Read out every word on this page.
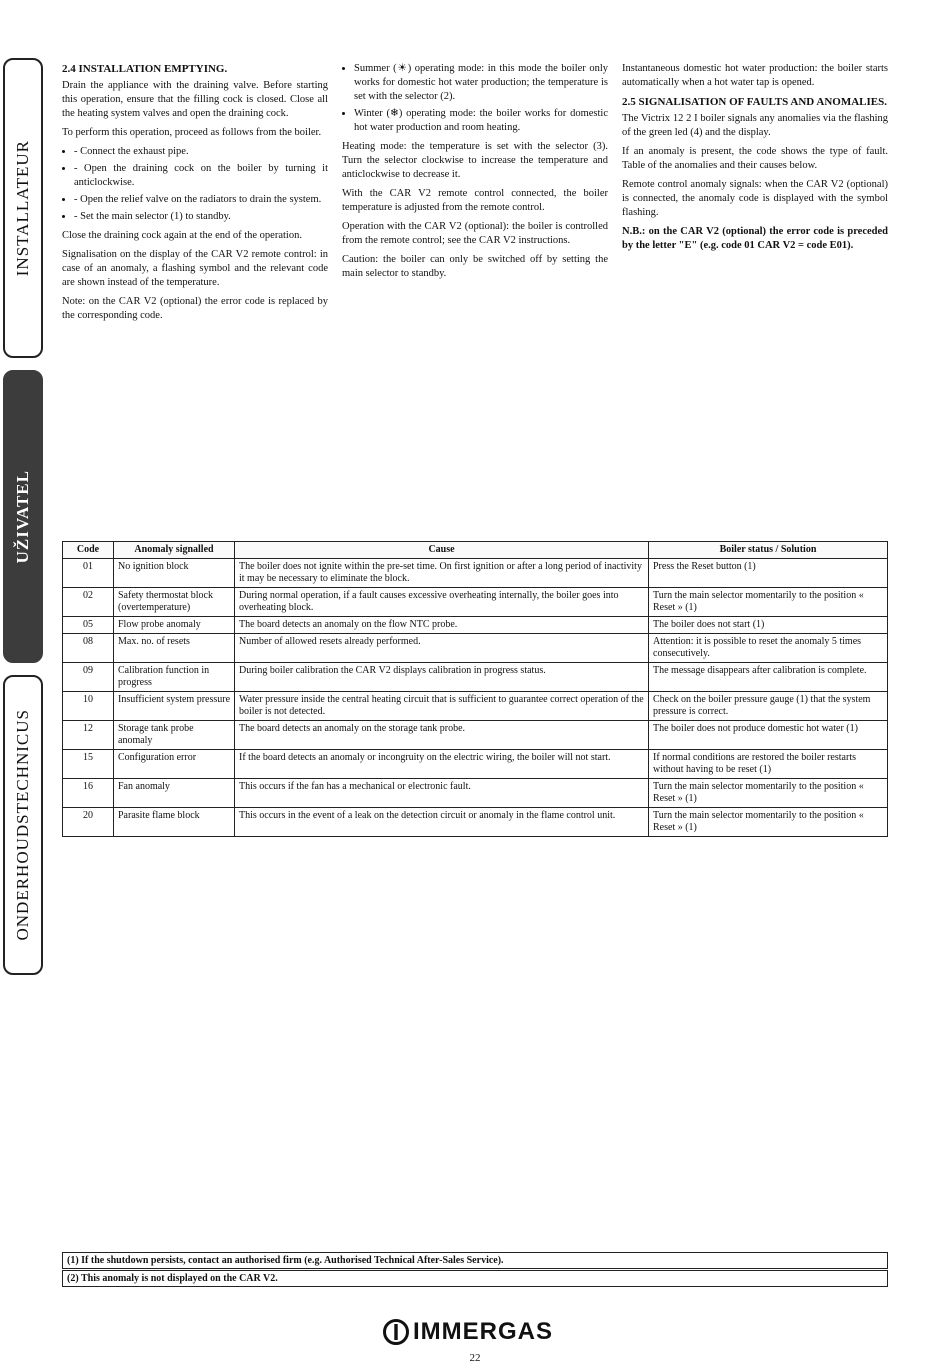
INSTALLATEUR
UŽIVATEL
ONDERHOUDSTECHNICUS
2.4 INSTALLATION EMPTYING.

Drain the appliance with the draining valve. Before starting this operation, ensure that the filling cock is closed. Close all the heating system valves and open the draining cock.

To perform this operation, proceed as follows from the boiler.

• - Connect the exhaust pipe.
• - Open the draining cock on the boiler by turning it anticlockwise.
• - Open the relief valve on the radiators to drain the system.
• - Set the main selector (1) to standby.

Close the draining cock again at the end of the operation.

Signalisation on the display of the CAR V2 remote control: in case of an anomaly, a flashing symbol and the relevant code are shown instead of the temperature.

Note: on the CAR V2 (optional) the error code is replaced by the corresponding code.

• Summer (☀) operating mode: in this mode the boiler only works for domestic hot water production; the temperature is set with the selector (2).
• Winter (❄) operating mode: the boiler works for domestic hot water production and room heating.

Heating mode: the temperature is set with the selector (3). Turn the selector clockwise to increase the temperature and anticlockwise to decrease it.

With the CAR V2 remote control connected, the boiler temperature is adjusted from the remote control.

Operation with the CAR V2 (optional): the boiler is controlled from the remote control; see the CAR V2 instructions.

Caution: the boiler can only be switched off by setting the main selector to standby.

Instantaneous domestic hot water production: the boiler starts automatically when a hot water tap is opened.

2.5 SIGNALISATION OF FAULTS AND ANOMALIES.

The Victrix 12 2 I boiler signals any anomalies via the flashing of the green led (4) and the display.

If an anomaly is present, the code shows the type of fault. Table of the anomalies and their causes below.

Remote control anomaly signals: when the CAR V2 (optional) is connected, the anomaly code is displayed with the symbol flashing.

N.B.: on the CAR V2 (optional) the error code is preceded by the letter "E" (e.g. code 01 CAR V2 = code E01).

Code	Anomaly signalled	Cause	Boiler status / Solution
01	No ignition block	The boiler does not ignite within the pre-set time. On first ignition or after a long period of inactivity it may be necessary to eliminate the block.	Press the Reset button (1)
02	Safety thermostat block (overtemperature)	During normal operation, if a fault causes excessive overheating internally, the boiler goes into overheating block.	Turn the main selector momentarily to the position « Reset » (1)
05	Flow probe anomaly	The board detects an anomaly on the flow NTC probe.	The boiler does not start (1)
08	Max. no. of resets	Number of allowed resets already performed.	Attention: it is possible to reset the anomaly 5 times consecutively.
09	Calibration function in progress	During boiler calibration the CAR V2 displays calibration in progress status.	The message disappears after calibration is complete.
10	Insufficient system pressure	Water pressure inside the central heating circuit that is sufficient to guarantee correct operation of the boiler is not detected.	Check on the boiler pressure gauge (1) that the system pressure is correct.
12	Storage tank probe anomaly	The board detects an anomaly on the storage tank probe.	The boiler does not produce domestic hot water (1)
15	Configuration error	If the board detects an anomaly or incongruity on the electric wiring, the boiler will not start.	If normal conditions are restored the boiler restarts without having to be reset (1)
16	Fan anomaly	This occurs if the fan has a mechanical or electronic fault.	Turn the main selector momentarily to the position « Reset » (1)
20	Parasite flame block	This occurs in the event of a leak on the detection circuit or anomaly in the flame control unit.	Turn the main selector momentarily to the position « Reset » (1)
(1) If the shutdown persists, contact an authorised firm (e.g. Authorised Technical After-Sales Service).
(2) This anomaly is not displayed on the CAR V2.
IMMERGAS
22
